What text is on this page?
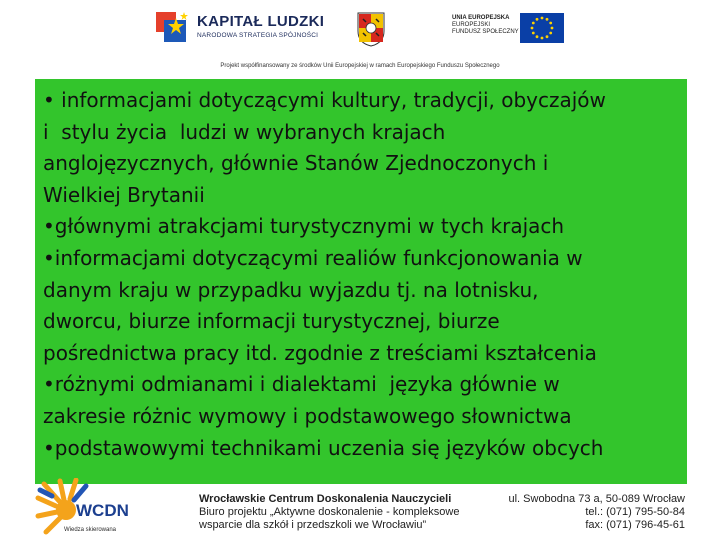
KAPITAŁ LUDZKI
NARODOWA STRATEGIA SPÓJNOŚCI
UNIA EUROPEJSKA
EUROPEJSKI
FUNDUSZ SPOŁECZNY
Projekt współfinansowany ze środków Unii Europejskiej w ramach Europejskiego Funduszu Społecznego

• informacjami dotyczącymi kultury, tradycji, obyczajów

i  stylu życia  ludzi w wybranych krajach

anglojęzycznych, głównie Stanów Zjednoczonych i

Wielkiej Brytanii

•głównymi atrakcjami turystycznymi w tych krajach

•informacjami dotyczącymi realiów funkcjonowania w

danym kraju w przypadku wyjazdu tj. na lotnisku,

dworcu, biurze informacji turystycznej, biurze

pośrednictwa pracy itd. zgodnie z treściami kształcenia

•różnymi odmianami i dialektami  języka głównie w

zakresie różnic wymowy i podstawowego słownictwa

•podstawowymi technikami uczenia się języków obcych

WCDN
Wiedza skierowana
Wrocławskie Centrum Doskonalenia Nauczycieli
Biuro projektu „Aktywne doskonalenie - kompleksowe
wsparcie dla szkół i przedszkoli we Wrocławiu”
ul. Swobodna 73 a, 50-089 Wrocław
tel.: (071) 795-50-84
fax: (071) 796-45-61
